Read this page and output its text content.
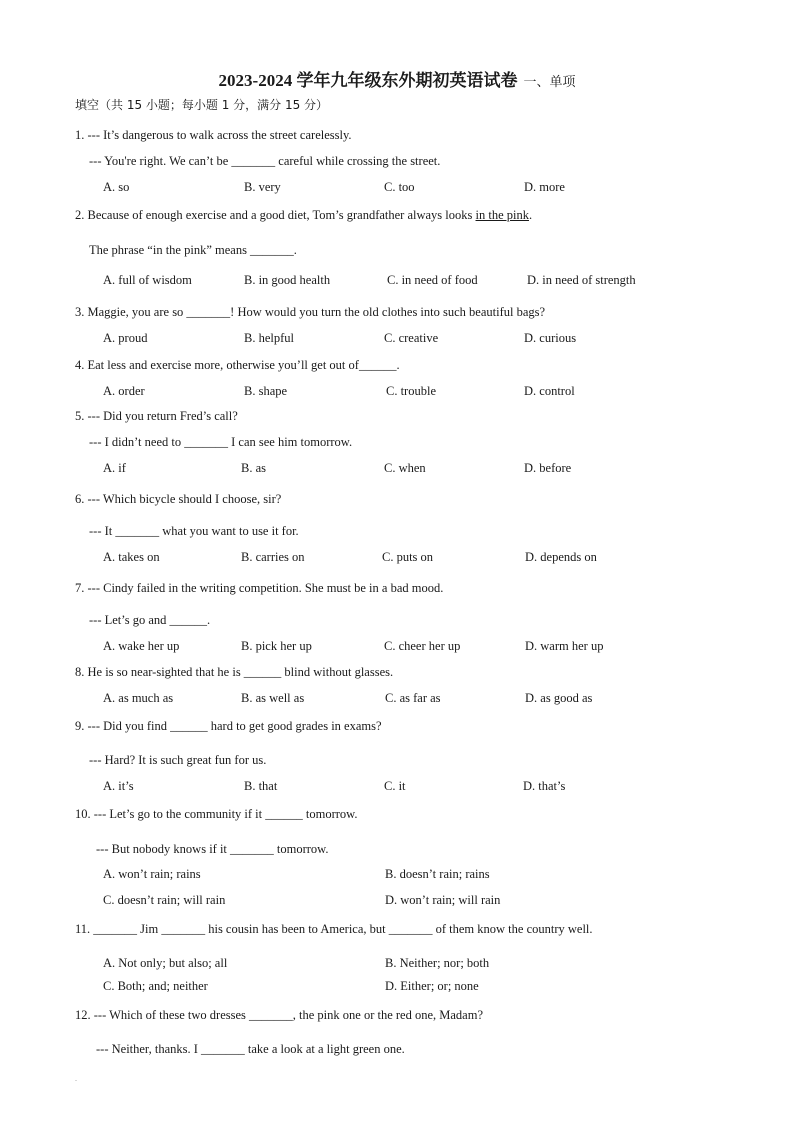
2023-2024 学年九年级东外期初英语试卷 一、单项
填空（共 15 小题；每小题 1 分，满分 15 分）
1. --- It’s dangerous to walk across the street carelessly.
--- You're right. We can’t be _______ careful while crossing the street.
A. so	B. very	C. too	D. more
2. Because of enough exercise and a good diet, Tom’s grandfather always looks in the pink.
The phrase “in the pink” means _______.
A. full of wisdom	B. in good health	C. in need of food	D. in need of strength
3. Maggie, you are so _______! How would you turn the old clothes into such beautiful bags?
A. proud	B. helpful	C. creative	D. curious
4. Eat less and exercise more, otherwise you’ll get out of______.
A. order	B. shape	C. trouble	D. control
5. --- Did you return Fred’s call?
--- I didn’t need to _______ I can see him tomorrow.
A. if	B. as	C. when	D. before
6. --- Which bicycle should I choose, sir?
--- It _______ what you want to use it for.
A. takes on	B. carries on	C. puts on	D. depends on
7. --- Cindy failed in the writing competition. She must be in a bad mood.
--- Let’s go and ______.
A. wake her up	B. pick her up	C. cheer her up	D. warm her up
8. He is so near-sighted that he is ______ blind without glasses.
A. as much as	B. as well as	C. as far as	D. as good as
9. --- Did you find ______ hard to get good grades in exams?
--- Hard? It is such great fun for us.
A. it’s	B. that	C. it	D. that’s
10. --- Let’s go to the community if it ______ tomorrow.
--- But nobody knows if it _______ tomorrow.
A. won’t rain; rains	B. doesn’t rain; rains
C. doesn’t rain; will rain	D. won’t rain; will rain
11. _______ Jim _______ his cousin has been to America, but _______ of them know the country well.
A. Not only; but also; all	B. Neither; nor; both
C. Both; and; neither	D. Either; or; none
12. --- Which of these two dresses _______, the pink one or the red one, Madam?
--- Neither, thanks. I _______ take a look at a light green one.
.
